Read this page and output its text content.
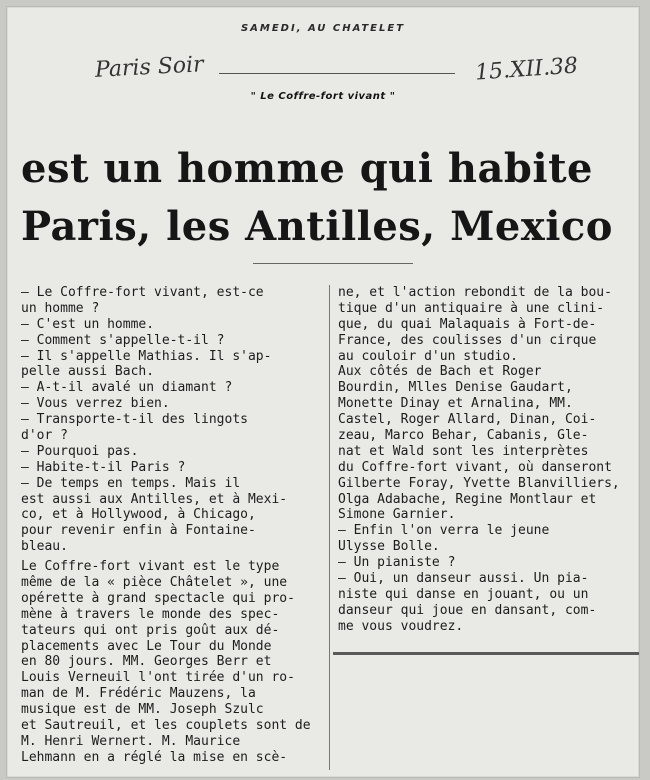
SAMEDI, AU CHATELET
Paris Soir	15.XII.38
" Le Coffre-fort vivant "
est un homme qui habite
Paris, les Antilles, Mexico
— Le Coffre-fort vivant, est-ce
un homme ?
— C'est un homme.
— Comment s'appelle-t-il ?
— Il s'appelle Mathias. Il s'ap-
pelle aussi Bach.
— A-t-il avalé un diamant ?
— Vous verrez bien.
— Transporte-t-il des lingots
d'or ?
— Pourquoi pas.
— Habite-t-il Paris ?
— De temps en temps. Mais il
est aussi aux Antilles, et à Mexi-
co, et à Hollywood, à Chicago,
pour revenir enfin à Fontaine-
bleau.
Le Coffre-fort vivant est le type
même de la « pièce Châtelet », une
opérette à grand spectacle qui pro-
mène à travers le monde des spec-
tateurs qui ont pris goût aux dé-
placements avec Le Tour du Monde
en 80 jours. MM. Georges Berr et
Louis Verneuil l'ont tirée d'un ro-
man de M. Frédéric Mauzens, la
musique est de MM. Joseph Szulc
et Sautreuil, et les couplets sont de
M. Henri Wernert. M. Maurice
Lehmann en a réglé la mise en scè-
ne, et l'action rebondit de la bou-
tique d'un antiquaire à une clini-
que, du quai Malaquais à Fort-de-
France, des coulisses d'un cirque
au couloir d'un studio.
Aux côtés de Bach et Roger
Bourdin, Mlles Denise Gaudart,
Monette Dinay et Arnalina, MM.
Castel, Roger Allard, Dinan, Coi-
zeau, Marco Behar, Cabanis, Gle-
nat et Wald sont les interprètes
du Coffre-fort vivant, où danseront
Gilberte Foray, Yvette Blanvilliers,
Olga Adabache, Regine Montlaur et
Simone Garnier.
— Enfin l'on verra le jeune
Ulysse Bolle.
— Un pianiste ?
— Oui, un danseur aussi. Un pia-
niste qui danse en jouant, ou un
danseur qui joue en dansant, com-
me vous voudrez.
